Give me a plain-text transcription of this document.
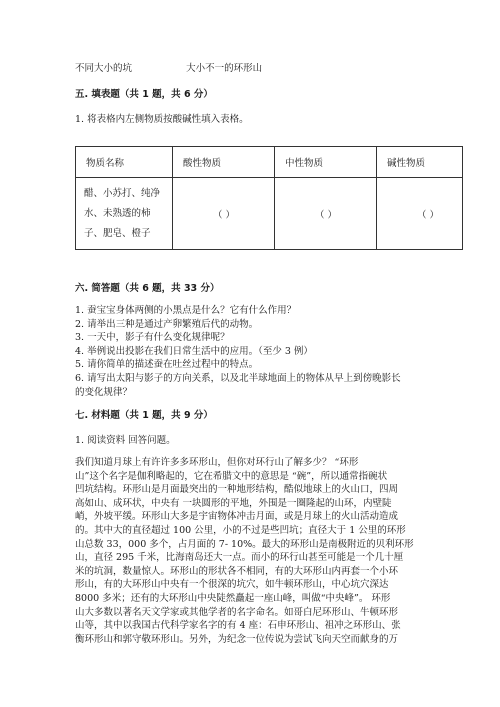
不同大小的坑	大小不一的环形山
五. 填表题（共 1 题，共 6 分）
1. 将表格内左侧物质按酸碱性填入表格。
物质名称	酸性物质	中性物质	碱性物质

醋、小苏打、纯净
水、未熟透的柿
子、肥皂、橙子	（ ）	（ ）	（ ）
六. 简答题（共 6 题，共 33 分）
1. 蚕宝宝身体两侧的小黑点是什么？它有什么作用？
2. 请举出三种是通过产卵繁殖后代的动物。
3. 一天中，影子有什么变化规律呢？
4. 举例说出投影在我们日常生活中的应用。（至少 3 例）
5. 请你简单的描述蚕在吐丝过程中的特点。
6. 请写出太阳与影子的方向关系，以及北半球地面上的物体从早上到傍晚影长
的变化规律？
七. 材料题（共 1 题，共 9 分）
1. 阅读资料 回答问题。
我们知道月球上有许许多多环形山，但你对环行山了解多少？ “环形
山”这个名字是伽利略起的，它在希腊文中的意思是 “碗”，所以通常指碗状
凹坑结构。环形山是月面最突出的一种地形结构，酷似地球上的火山口，四周
高如山、成环状，中央有 一块圆形的平地，外围是一圈隆起的山环，内壁陡
峭，外坡平缓。环形山大多是宇宙物体冲击月面，或是月球上的火山活动造成
的。其中大的直径超过 100 公里，小的不过是些凹坑；直径大于 1 公里的环形
山总数 33，000 多个，占月面的 7- 10%。最大的环形山是南极附近的贝利环形
山，直径 295 千米，比海南岛还大一点。而小的环行山甚至可能是一个几十厘
米的坑洞，数量惊人。环形山的形状各不相同，有的大环形山内再套一个小环
形山，有的大环形山中央有一个很深的坑穴，如牛顿环形山，中心坑穴深达
8000 多米；还有的大环形山中央陡然矗起一座山峰，叫做“中央峰”。 环形
山大多数以著名天文学家或其他学者的名字命名。如哥白尼环形山、牛顿环形
山等，其中以我国古代科学家名字的有 4 座：石申环形山、祖冲之环形山、张
衡环形山和郭守敬环形山。另外，为纪念一位传说为尝试飞向天空而献身的万
